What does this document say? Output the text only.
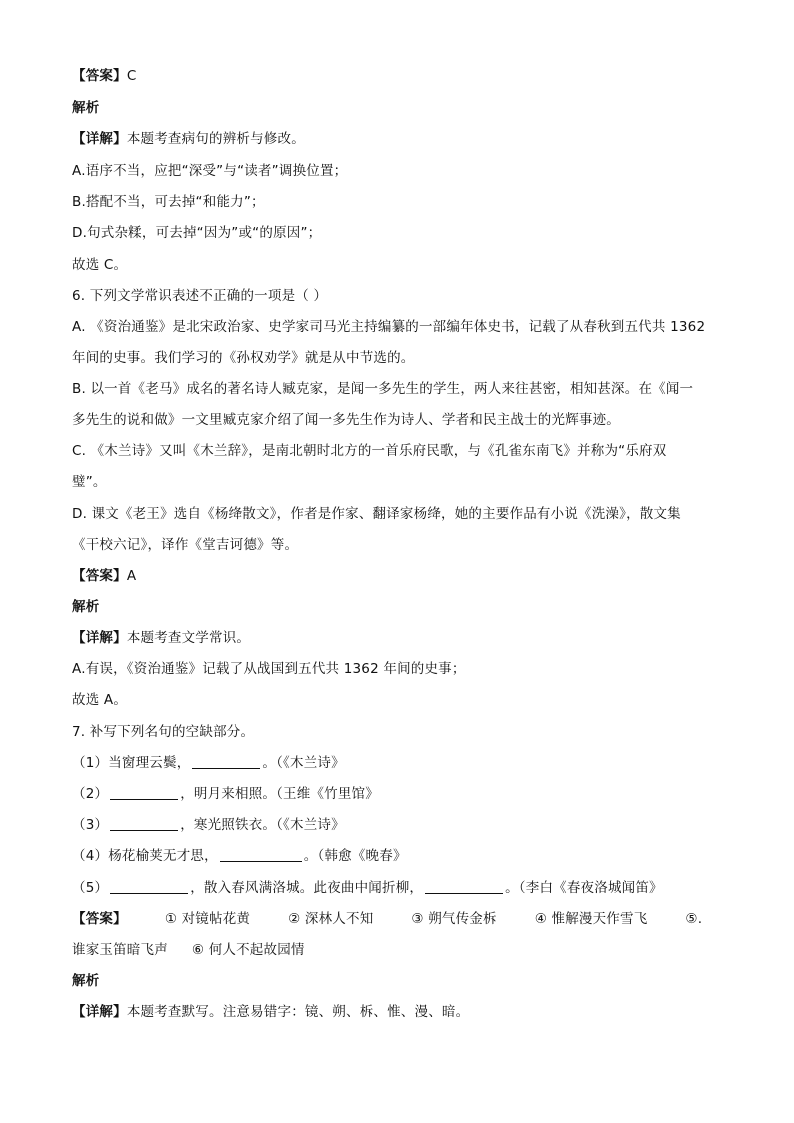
【答案】C
解析
【详解】本题考查病句的辨析与修改。
A.语序不当，应把“深受”与“读者”调换位置；
B.搭配不当，可去掉“和能力”；
D.句式杂糅，可去掉“因为”或“的原因”；
故选 C。
6. 下列文学常识表述不正确的一项是（ ）
A. 《资治通鉴》是北宋政治家、史学家司马光主持编纂的一部编年体史书，记载了从春秋到五代共 1362
年间的史事。我们学习的《孙权劝学》就是从中节选的。
B. 以一首《老马》成名的著名诗人臧克家，是闻一多先生的学生，两人来往甚密，相知甚深。在《闻一
多先生的说和做》一文里臧克家介绍了闻一多先生作为诗人、学者和民主战士的光辉事迹。
C. 《木兰诗》又叫《木兰辞》，是南北朝时北方的一首乐府民歌，与《孔雀东南飞》并称为“乐府双
璧”。
D. 课文《老王》选自《杨绛散文》，作者是作家、翻译家杨绛，她的主要作品有小说《洗澡》，散文集
《干校六记》，译作《堂吉诃德》等。
【答案】A
解析
【详解】本题考查文学常识。
A.有误，《资治通鉴》记载了从战国到五代共 1362 年间的史事；
故选 A。
7. 补写下列名句的空缺部分。
（1）当窗理云鬓，	。（《木兰诗》
（2）	，明月来相照。（王维《竹里馆》
（3）	，寒光照铁衣。（《木兰诗》
（4）杨花榆荚无才思，	。（韩愈《晚春》
（5）	，散入春风满洛城。此夜曲中闻折柳，	。（李白《春夜洛城闻笛》
【答案】	① 对镜帖花黄	② 深林人不知	③ 朔气传金柝	④ 惟解漫天作雪飞	⑤.
谁家玉笛暗飞声 ⑥ 何人不起故园情
解析
【详解】本题考查默写。注意易错字：镜、朔、柝、惟、漫、暗。
